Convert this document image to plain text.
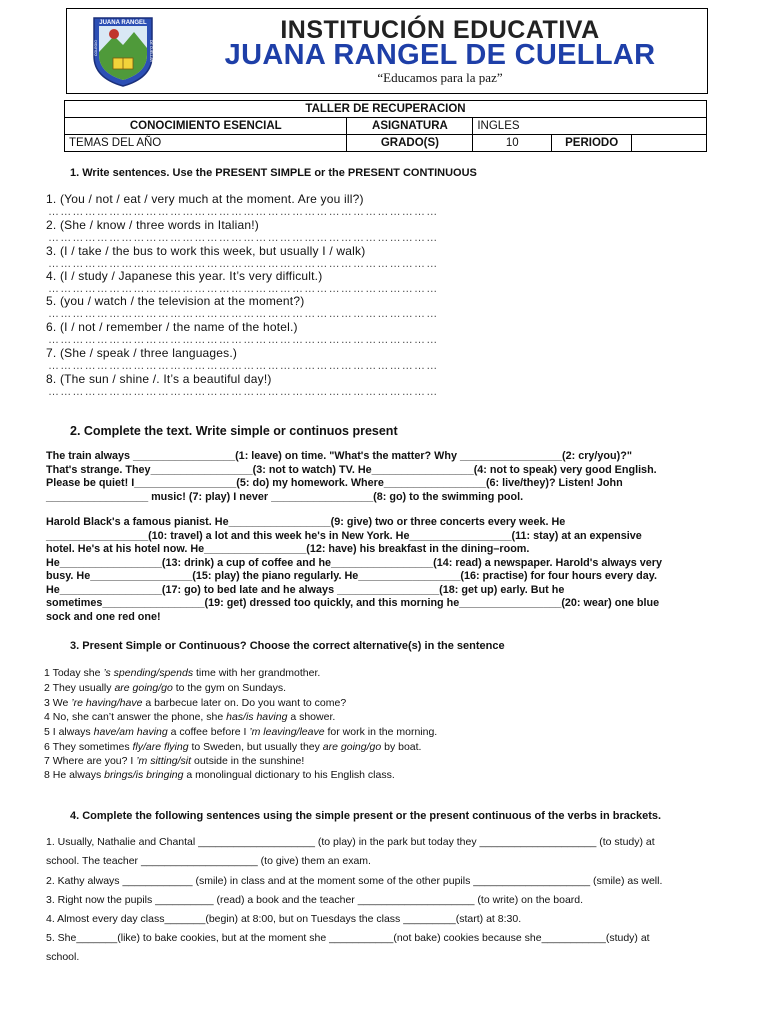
JUANA RANGEL
COLEGIO	DE CUELLAR
INSTITUCIÓN EDUCATIVA
JUANA RANGEL DE CUELLAR
“Educamos para la paz”
TALLER DE RECUPERACION				
CONOCIMIENTO ESENCIAL	ASIGNATURA	INGLES		
TEMAS DEL AÑO	GRADO(S)	10	PERIODO	
1. Write sentences. Use the PRESENT SIMPLE or the PRESENT CONTINUOUS
1. (You / not / eat / very much at the moment. Are you ill?)
……………………………………………………………………………………
2. (She / know / three words in Italian!)
……………………………………………………………………………………
3. (I / take / the bus to work this week, but usually I / walk)
……………………………………………………………………………………
4. (I / study / Japanese this year. It’s very difficult.)
……………………………………………………………………………………
5. (you / watch / the television at the moment?)
……………………………………………………………………………………
6. (I / not / remember / the name of the hotel.)
……………………………………………………………………………………
7. (She / speak / three languages.)
……………………………………………………………………………………
8. (The sun / shine /. It’s a beautiful day!)
……………………………………………………………………………………
2. Complete the text. Write simple or continuos present

The train always _________________(1: leave) on time. "What's the matter? Why _________________(2: cry/you)?"

That's strange. They_________________(3: not to watch) TV. He_________________(4: not to speak) very good English.

Please be quiet! I_________________(5: do) my homework. Where_________________(6: live/they)? Listen! John

_________________ music! (7: play) I never _________________(8: go) to the swimming pool.

Harold Black's a famous pianist. He_________________(9: give) two or three concerts every week. He

_________________(10: travel) a lot and this week he's in New York. He_________________(11: stay) at an expensive

hotel. He's at his hotel now. He_________________(12: have) his breakfast in the dining–room.

He_________________(13: drink) a cup of coffee and he_________________(14: read) a newspaper. Harold's always very

busy. He_________________(15: play) the piano regularly. He_________________(16: practise) for four hours every day.

He_________________(17: go) to bed late and he always _________________(18: get up) early. But he

sometimes_________________(19: get) dressed too quickly, and this morning he_________________(20: wear) one blue

sock and one red one!

3. Present Simple or Continuous? Choose the correct alternative(s) in the sentence
1 Today she ’s spending/spends time with her grandmother.
2 They usually are going/go to the gym on Sundays.
3 We ’re having/have a barbecue later on. Do you want to come?
4 No, she can’t answer the phone, she has/is having a shower.
5 I always have/am having a coffee before I ’m leaving/leave for work in the morning.
6 They sometimes fly/are flying to Sweden, but usually they are going/go by boat.
7 Where are you? I ’m sitting/sit outside in the sunshine!
8 He always brings/is bringing a monolingual dictionary to his English class.
4. Complete the following sentences using the simple present or the present continuous of the verbs in brackets.
1. Usually, Nathalie and Chantal ____________________ (to play) in the park but today they ____________________ (to study) at
school. The teacher ____________________ (to give) them an exam.
2. Kathy always ____________ (smile) in class and at the moment some of the other pupils ____________________ (smile) as well.
3. Right now the pupils __________ (read) a book and the teacher ____________________ (to write) on the board.
4. Almost every day class_______(begin) at 8:00, but on Tuesdays the class _________(start) at 8:30.
5. She_______(like) to bake cookies, but at the moment she ___________(not bake) cookies because she___________(study) at
school.
